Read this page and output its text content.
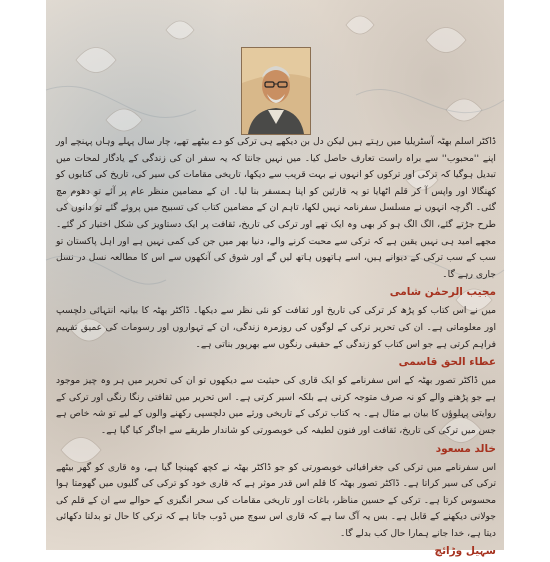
ڈاکٹر اسلم بھٹہ آسٹریلیا میں رہتے ہیں لیکن دل بن دیکھے ہی ترکی کو دے بیٹھے تھے، چار سال پہلے وہاں پہنچے اور اپنے ''محبوب'' سے براہ راست تعارف حاصل کیا۔ میں نہیں جانتا کہ یہ سفر ان کی زندگی کے یادگار لمحات میں تبدیل ہوگیا کہ ترکی اور ترکوں کو انہوں نے بہت قریب سے دیکھا، تاریخی مقامات کی سیر کی، تاریخ کی کتابوں کو کھنگالا اور واپس آ کر قلم اٹھایا تو یہ قارئین کو اپنا ہمسفر بنا لیا۔ ان کے مضامین منظر عام پر آئے تو دھوم مچ گئی۔ اگرچہ انہوں نے مسلسل سفرنامہ نہیں لکھا، تاہم ان کے مضامین کتاب کی تسبیح میں پروئے گئے تو دانوں کی طرح جڑتے گئے، الگ الگ ہو کر بھی وہ ایک تھے اور ترکی کی تاریخ، ثقافت پر ایک دستاویز کی شکل اختیار کر گئے۔ مجھے امید ہی نہیں یقین ہے کہ ترکی سے محبت کرنے والے، دنیا بھر میں جن کی کمی نہیں ہے اور اہل پاکستان تو سب کے سب ترکی کے دیوانے ہیں، اسے ہاتھوں ہاتھ لیں گے اور شوق کی آنکھوں سے اس کا مطالعہ نسل در نسل جاری رہے گا۔

مجیب الرحمٰن شامی

میں نے اس کتاب کو پڑھ کر ترکی کی تاریخ اور ثقافت کو نئی نظر سے دیکھا۔ ڈاکٹر بھٹہ کا بیانیہ انتہائی دلچسپ اور معلوماتی ہے۔ ان کی تحریر ترکی کے لوگوں کی روزمرہ زندگی، ان کے تہواروں اور رسومات کی عمیق تفہیم فراہم کرتی ہے جو اس کتاب کو زندگی کے حقیقی رنگوں سے بھرپور بناتی ہے۔

عطاء الحق قاسمی

میں ڈاکٹر تصور بھٹہ کے اس سفرنامے کو ایک قاری کی حیثیت سے دیکھوں تو ان کی تحریر میں ہر وہ چیز موجود ہے جو پڑھنے والے کو نہ صرف متوجہ کرتی ہے بلکہ اسیر کرتی ہے۔ اس تحریر میں ثقافتی رنگا رنگی اور ترکی کے روایتی پہلوؤں کا بیان بے مثال ہے۔ یہ کتاب ترکی کے تاریخی ورثے میں دلچسپی رکھنے والوں کے لیے تو شہ خاص ہے جس میں ترکی کی تاریخ، ثقافت اور فنون لطیفہ کی خوبصورتی کو شاندار طریقے سے اجاگر کیا گیا ہے۔

خالد مسعود

اس سفرنامے میں ترکی کی جغرافیائی خوبصورتی کو جو ڈاکٹر بھٹہ نے کچھ کھینچا گیا ہے، وہ قاری کو گھر بیٹھے ترکی کی سیر کراتا ہے۔ ڈاکٹر تصور بھٹہ کا قلم اس قدر موثر ہے کہ قاری خود کو ترکی کی گلیوں میں گھومتا ہوا محسوس کرتا ہے۔ ترکی کے حسین مناظر، باغات اور تاریخی مقامات کی سحر انگیزی کے حوالے سے ان کے قلم کی جولانی دیکھنے کے قابل ہے۔ بس یہ آگ سا ہے کہ قاری اس سوچ میں ڈوب جاتا ہے کہ ترکی کا حال تو بدلتا دکھائی دیتا ہے، خدا جانے ہمارا حال کب بدلے گا۔

سہیل وڑائچ
